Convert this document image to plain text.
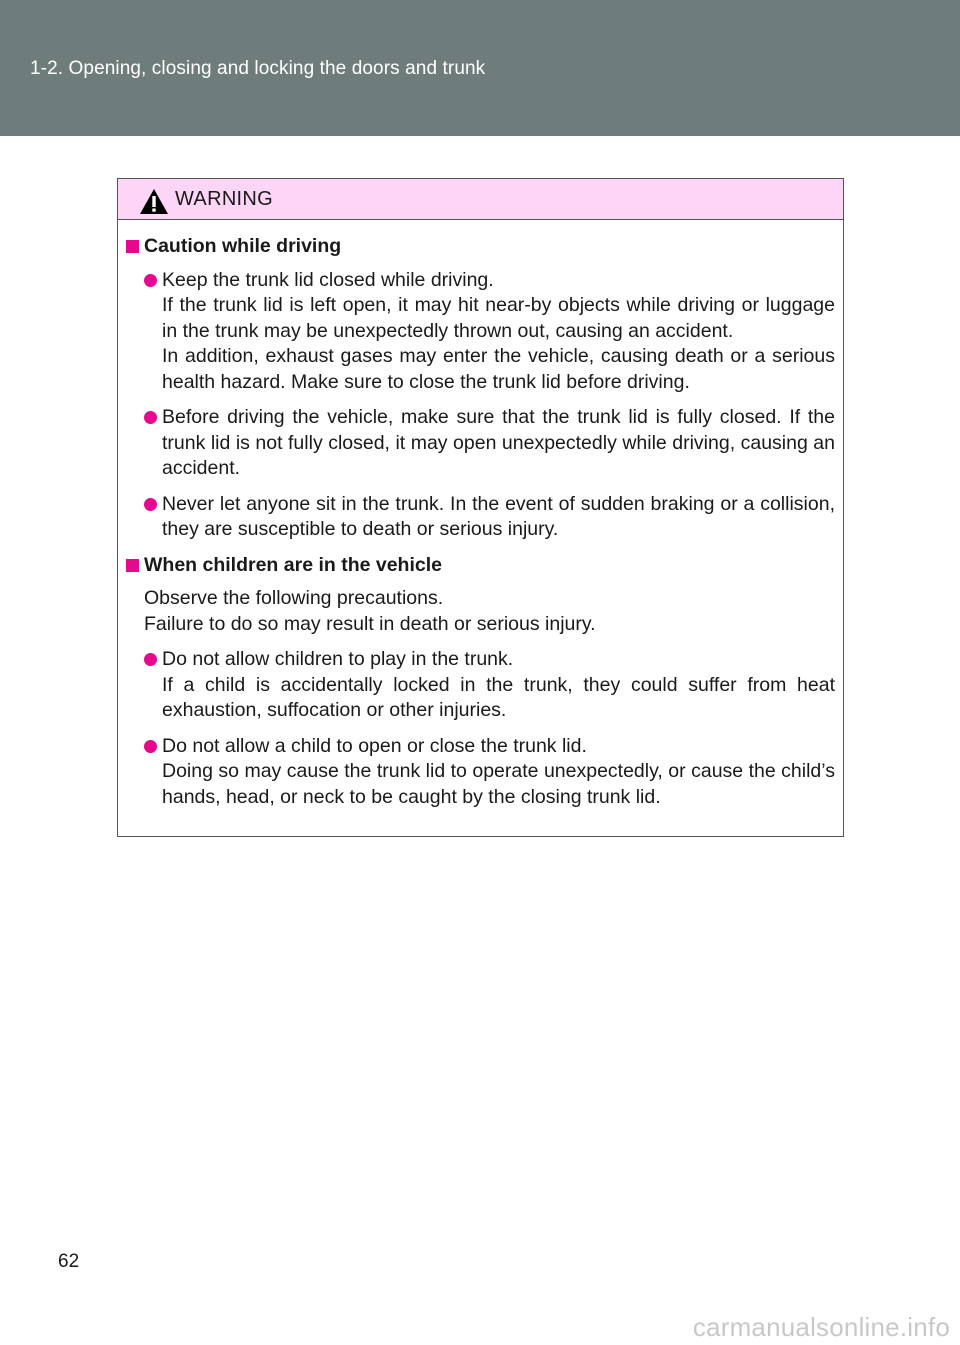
1-2. Opening, closing and locking the doors and trunk
WARNING
Caution while driving

Keep the trunk lid closed while driving.

If the trunk lid is left open, it may hit near-by objects while driving or luggage in the trunk may be unexpectedly thrown out, causing an accident.

In addition, exhaust gases may enter the vehicle, causing death or a serious health hazard. Make sure to close the trunk lid before driving.

Before driving the vehicle, make sure that the trunk lid is fully closed. If the trunk lid is not fully closed, it may open unexpectedly while driving, causing an accident.

Never let anyone sit in the trunk. In the event of sudden braking or a collision, they are susceptible to death or serious injury.

When children are in the vehicle

Observe the following precautions.

Failure to do so may result in death or serious injury.

Do not allow children to play in the trunk.

If a child is accidentally locked in the trunk, they could suffer from heat exhaustion, suffocation or other injuries.

Do not allow a child to open or close the trunk lid.

Doing so may cause the trunk lid to operate unexpectedly, or cause the child’s hands, head, or neck to be caught by the closing trunk lid.

62
carmanualsonline.info
